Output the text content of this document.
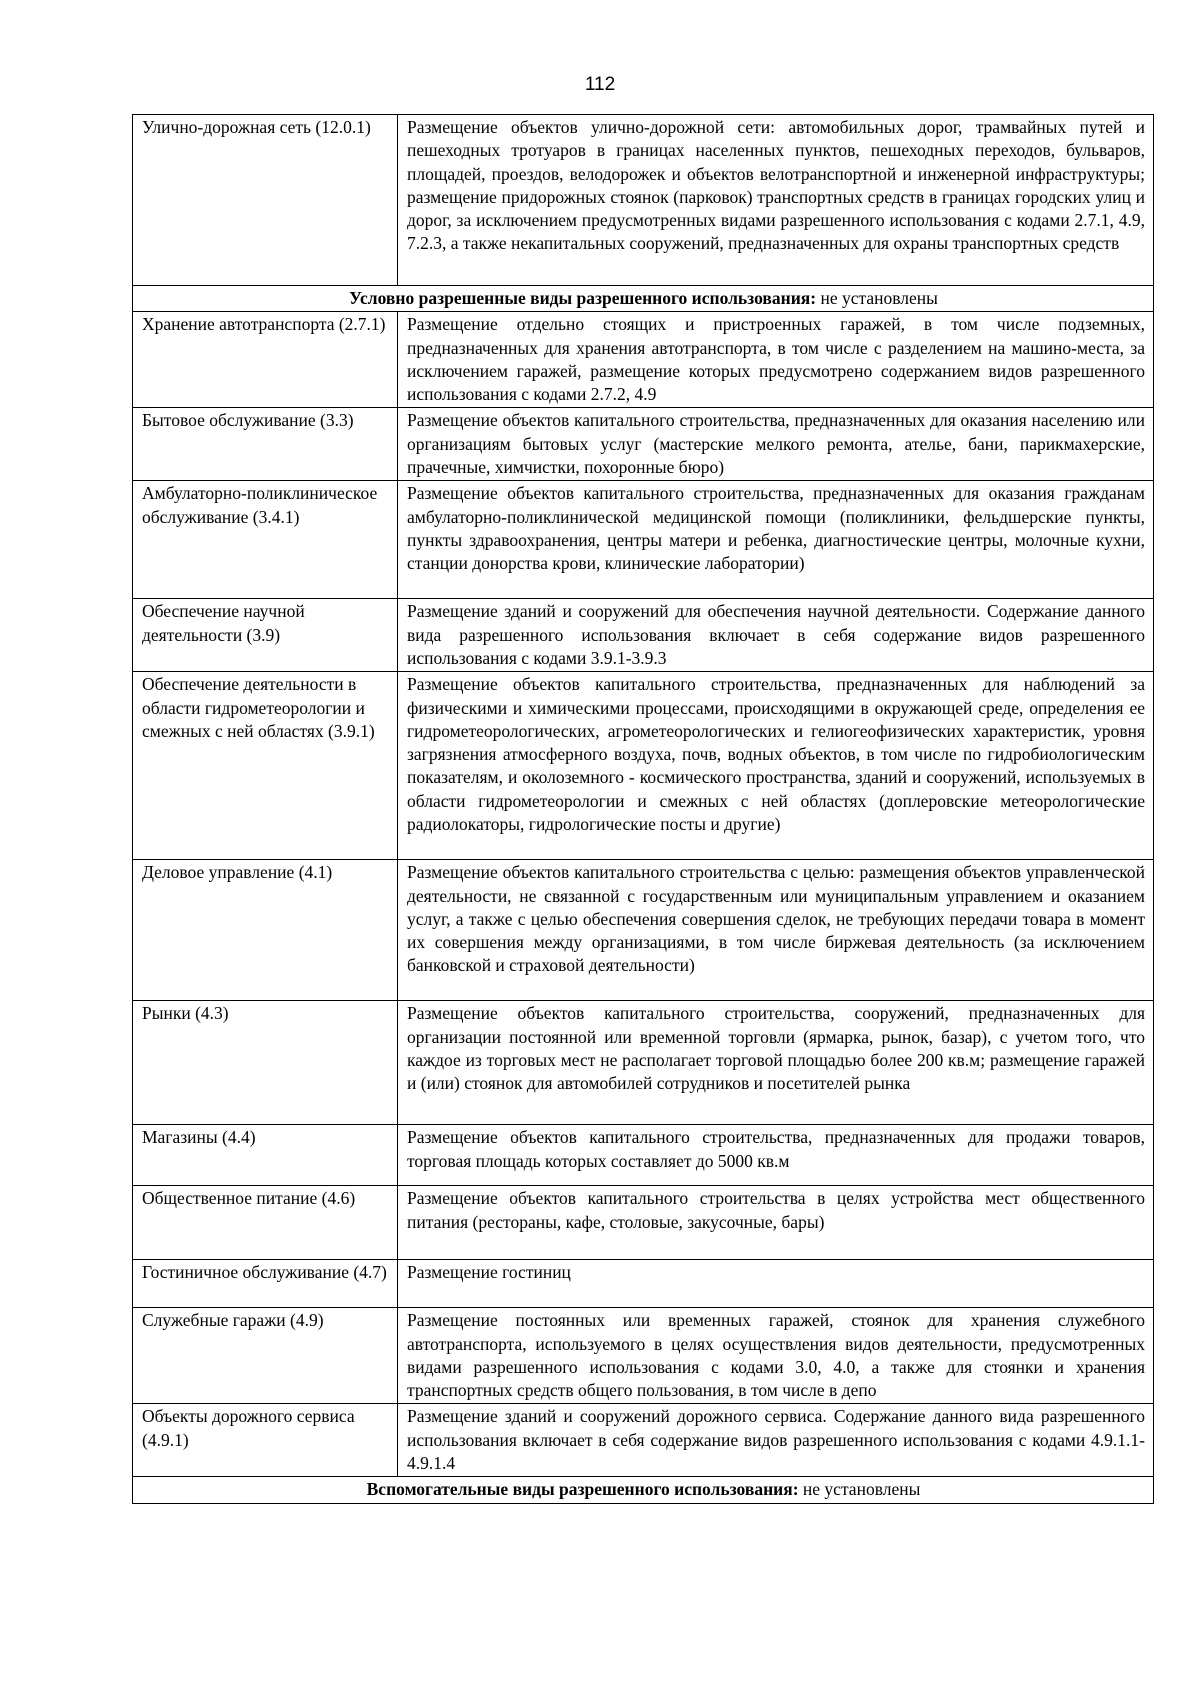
112
Улично-дорожная сеть (12.0.1)	Размещение объектов улично-дорожной сети: автомобильных дорог, трамвайных путей и пешеходных тротуаров в границах населенных пунктов, пешеходных переходов, бульваров, площадей, проездов, велодорожек и объектов велотранспортной и инженерной инфраструктуры; размещение придорожных стоянок (парковок) транспортных средств в границах городских улиц и дорог, за исключением предусмотренных видами разрешенного использования с кодами 2.7.1, 4.9, 7.2.3, а также некапитальных сооружений, предназначенных для охраны транспортных средств
Условно разрешенные виды разрешенного использования: не установлены	
Хранение автотранспорта (2.7.1)	Размещение отдельно стоящих и пристроенных гаражей, в том числе подземных, предназначенных для хранения автотранспорта, в том числе с разделением на машино-места, за исключением гаражей, размещение которых предусмотрено содержанием видов разрешенного использования с кодами 2.7.2, 4.9
Бытовое обслуживание (3.3)	Размещение объектов капитального строительства, предназначенных для оказания населению или организациям бытовых услуг (мастерские мелкого ремонта, ателье, бани, парикмахерские, прачечные, химчистки, похоронные бюро)
Амбулаторно-поликлиническое обслуживание (3.4.1)	Размещение объектов капитального строительства, предназначенных для оказания гражданам амбулаторно-поликлинической медицинской помощи (поликлиники, фельдшерские пункты, пункты здравоохранения, центры матери и ребенка, диагностические центры, молочные кухни, станции донорства крови, клинические лаборатории)
Обеспечение научной деятельности (3.9)	Размещение зданий и сооружений для обеспечения научной деятельности. Содержание данного вида разрешенного использования включает в себя содержание видов разрешенного использования с кодами 3.9.1-3.9.3
Обеспечение деятельности в области гидрометеорологии и смежных с ней областях (3.9.1)	Размещение объектов капитального строительства, предназначенных для наблюдений за физическими и химическими процессами, происходящими в окружающей среде, определения ее гидрометеорологических, агрометеорологических и гелиогеофизических характеристик, уровня загрязнения атмосферного воздуха, почв, водных объектов, в том числе по гидробиологическим показателям, и околоземного - космического пространства, зданий и сооружений, используемых в области гидрометеорологии и смежных с ней областях (доплеровские метеорологические радиолокаторы, гидрологические посты и другие)
Деловое управление (4.1)	Размещение объектов капитального строительства с целью: размещения объектов управленческой деятельности, не связанной с государственным или муниципальным управлением и оказанием услуг, а также с целью обеспечения совершения сделок, не требующих передачи товара в момент их совершения между организациями, в том числе биржевая деятельность (за исключением банковской и страховой деятельности)
Рынки (4.3)	Размещение объектов капитального строительства, сооружений, предназначенных для организации постоянной или временной торговли (ярмарка, рынок, базар), с учетом того, что каждое из торговых мест не располагает торговой площадью более 200 кв.м; размещение гаражей и (или) стоянок для автомобилей сотрудников и посетителей рынка
Магазины (4.4)	Размещение объектов капитального строительства, предназначенных для продажи товаров, торговая площадь которых составляет до 5000 кв.м
Общественное питание (4.6)	Размещение объектов капитального строительства в целях устройства мест общественного питания (рестораны, кафе, столовые, закусочные, бары)
Гостиничное обслуживание (4.7)	Размещение гостиниц
Служебные гаражи (4.9)	Размещение постоянных или временных гаражей, стоянок для хранения служебного автотранспорта, используемого в целях осуществления видов деятельности, предусмотренных видами разрешенного использования с кодами 3.0, 4.0, а также для стоянки и хранения транспортных средств общего пользования, в том числе в депо
Объекты дорожного сервиса (4.9.1)	Размещение зданий и сооружений дорожного сервиса. Содержание данного вида разрешенного использования включает в себя содержание видов разрешенного использования с кодами 4.9.1.1-4.9.1.4
Вспомогательные виды разрешенного использования: не установлены	
